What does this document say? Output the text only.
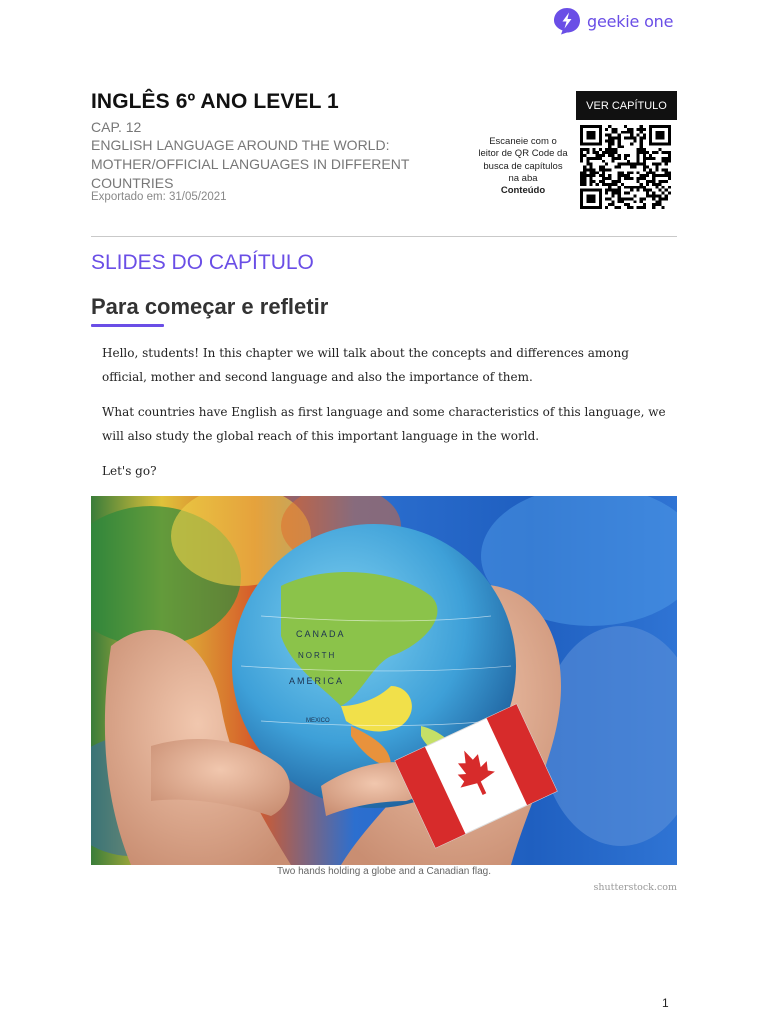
geekie one
INGLÊS 6º ANO LEVEL 1
CAP. 12

ENGLISH LANGUAGE AROUND THE WORLD: MOTHER/OFFICIAL LANGUAGES IN DIFFERENT COUNTRIES

Exportado em: 31/05/2021
VER CAPÍTULO

Escaneie com o leitor de QR Code da busca de capítulos na aba
Conteúdo

SLIDES DO CAPÍTULO
Para começar e refletir

Hello, students! In this chapter we will talk about the concepts and differences among official, mother and second language and also the importance of them.

What countries have English as first language and some characteristics of this language, we will also study the global reach of this important language in the world.

Let's go?

CANADA
NORTH
AMERICA
MEXICO

Two hands holding a globe and a Canadian flag.

shutterstock.com
1
